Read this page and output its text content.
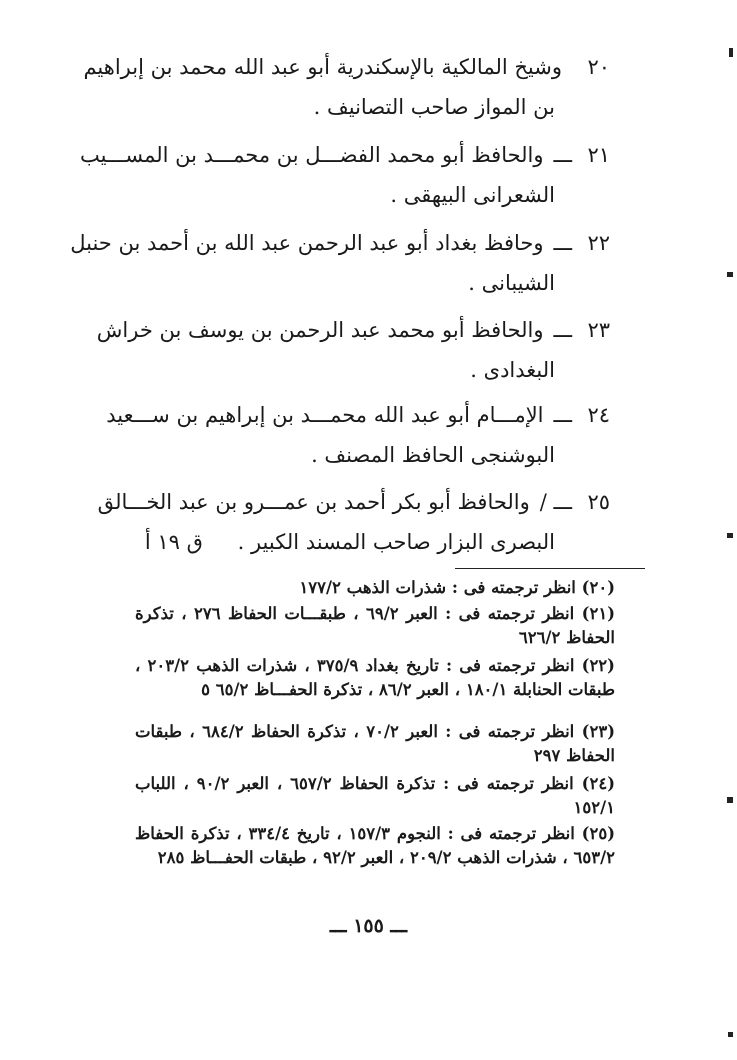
٢٠
وشيخ المالكية بالإسكندرية أبو عبد الله محمد بن إبراهيم
بن المواز صاحب التصانيف .
٢١
ـــ
والحافظ أبو محمد الفضـــل بن محمـــد بن المســـيب
الشعرانى البيهقى .
٢٢
ـــ
وحافظ بغداد أبو عبد الرحمن عبد الله بن أحمد بن حنبل
الشيبانى .
٢٣
ـــ
والحافظ أبو محمد عبد الرحمن بن يوسف بن خراش
البغدادى .
٢٤
ـــ
الإمـــام أبو عبد الله محمـــد بن إبراهيم بن ســـعيد
البوشنجى الحافظ المصنف .
٢٥
ـــ /
والحافظ أبو بكر أحمد بن عمـــرو بن عبد الخـــالق
البصرى البزار صاحب المسند الكبير . ق ١٩ أ
(٢٠) انظر ترجمته فى : شذرات الذهب ١٧٧/٢
(٢١) انظر ترجمته فى : العبر ٦٩/٢ ، طبقـــات الحفاظ ٢٧٦ ، تذكرة الحفاظ ٦٢٦/٢
(٢٢) انظر ترجمته فى : تاريخ بغداد ٣٧٥/٩ ، شذرات الذهب ٢٠٣/٢ ، طبقات الحنابلة ١٨٠/١ ، العبر ٨٦/٢ ، تذكرة الحفـــاظ ٦٥/٢ ٥
(٢٣) انظر ترجمته فى : العبر ٧٠/٢ ، تذكرة الحفاظ ٦٨٤/٢ ، طبقات الحفاظ ٢٩٧
(٢٤) انظر ترجمته فى : تذكرة الحفاظ ٦٥٧/٢ ، العبر ٩٠/٢ ، اللباب ١٥٢/١
(٢٥) انظر ترجمته فى : النجوم ١٥٧/٣ ، تاريخ ٣٣٤/٤ ، تذكرة الحفاظ ٦٥٣/٢ ، شذرات الذهب ٢٠٩/٢ ، العبر ٩٢/٢ ، طبقات الحفـــاظ ٢٨٥
ـــ ١٥٥ ـــ
